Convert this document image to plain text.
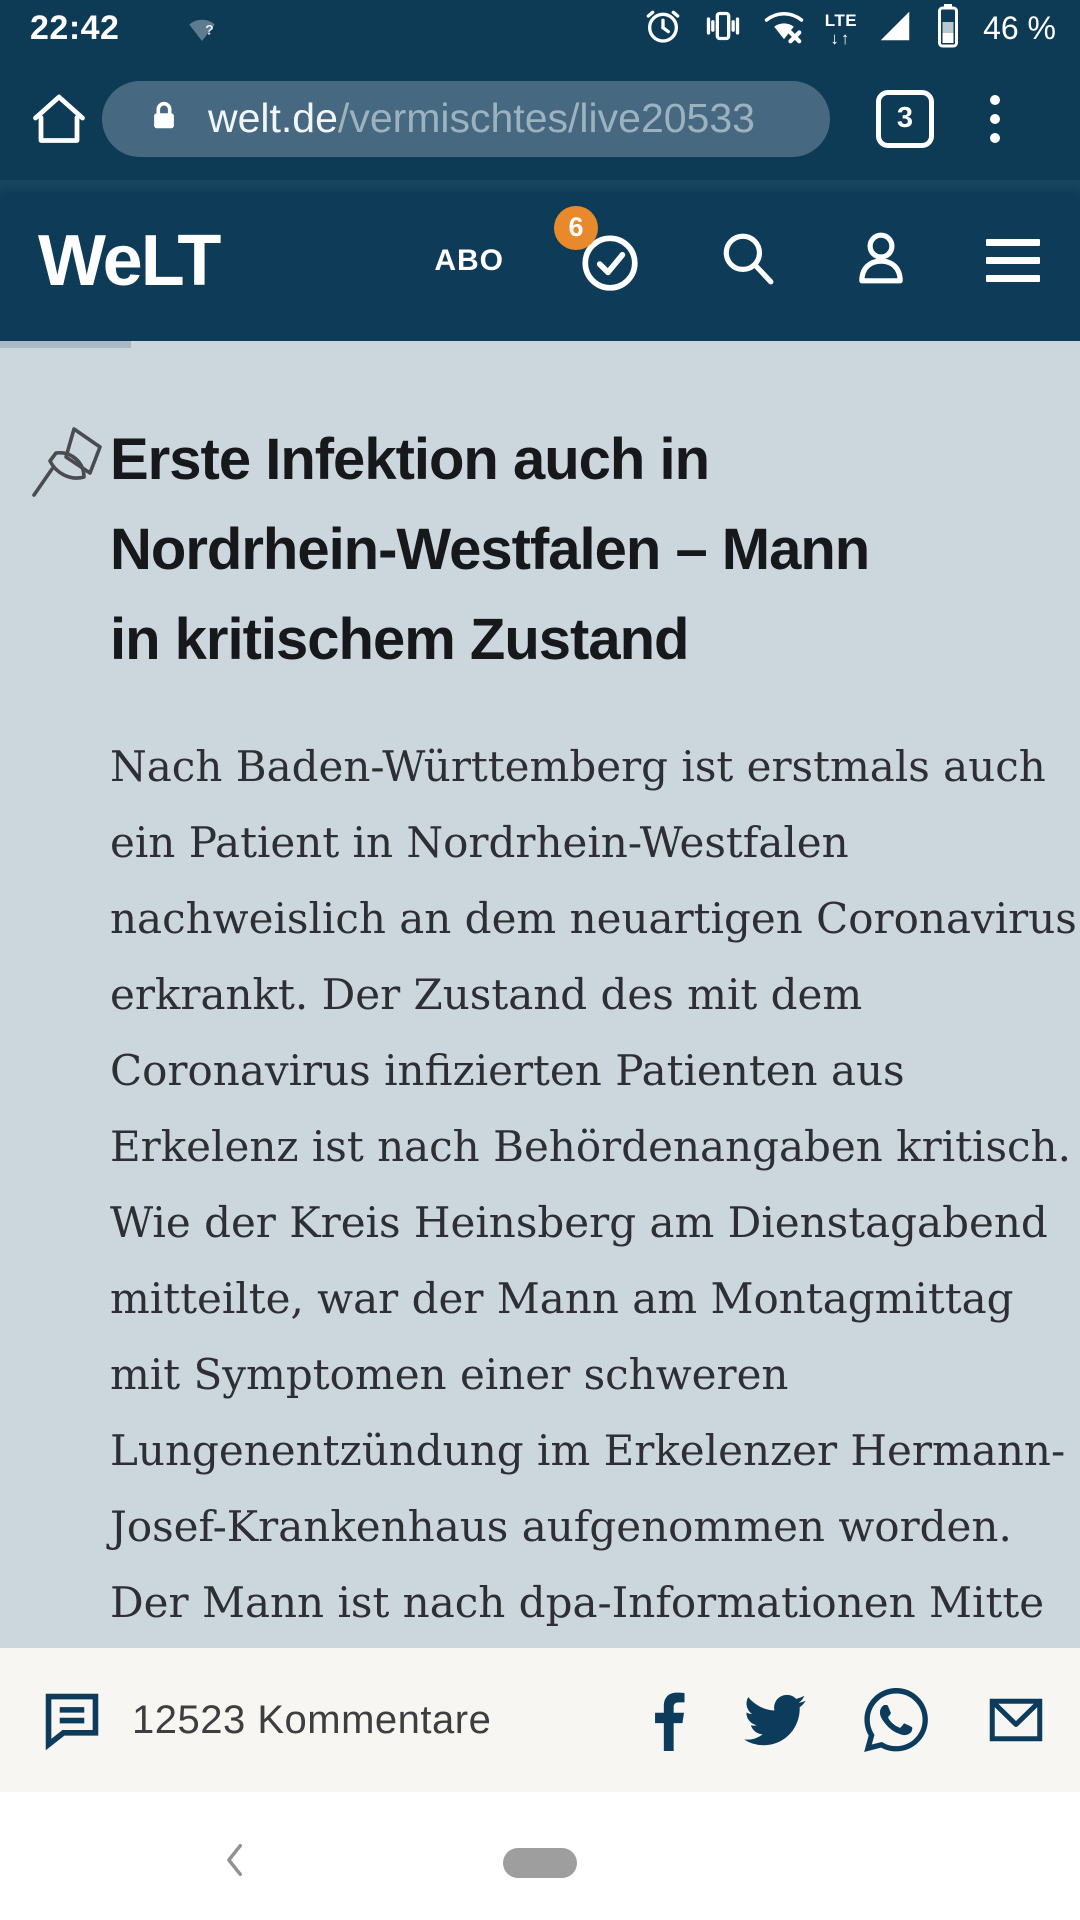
22:42	?
LTE
↓↑	46 %
welt.de/vermischtes/live20533	3
WeLT	ABO
6
Erste Infektion auch in
Nordrhein-Westfalen – Mann
in kritischem Zustand
Nach Baden-Württemberg ist erstmals auch
ein Patient in Nordrhein-Westfalen
nachweislich an dem neuartigen Coronavirus
erkrankt. Der Zustand des mit dem
Coronavirus infizierten Patienten aus
Erkelenz ist nach Behördenangaben kritisch.
Wie der Kreis Heinsberg am Dienstagabend
mitteilte, war der Mann am Montagmittag
mit Symptomen einer schweren
Lungenentzündung im Erkelenzer Hermann-
Josef-Krankenhaus aufgenommen worden.
Der Mann ist nach dpa-Informationen Mitte
12523 Kommentare
